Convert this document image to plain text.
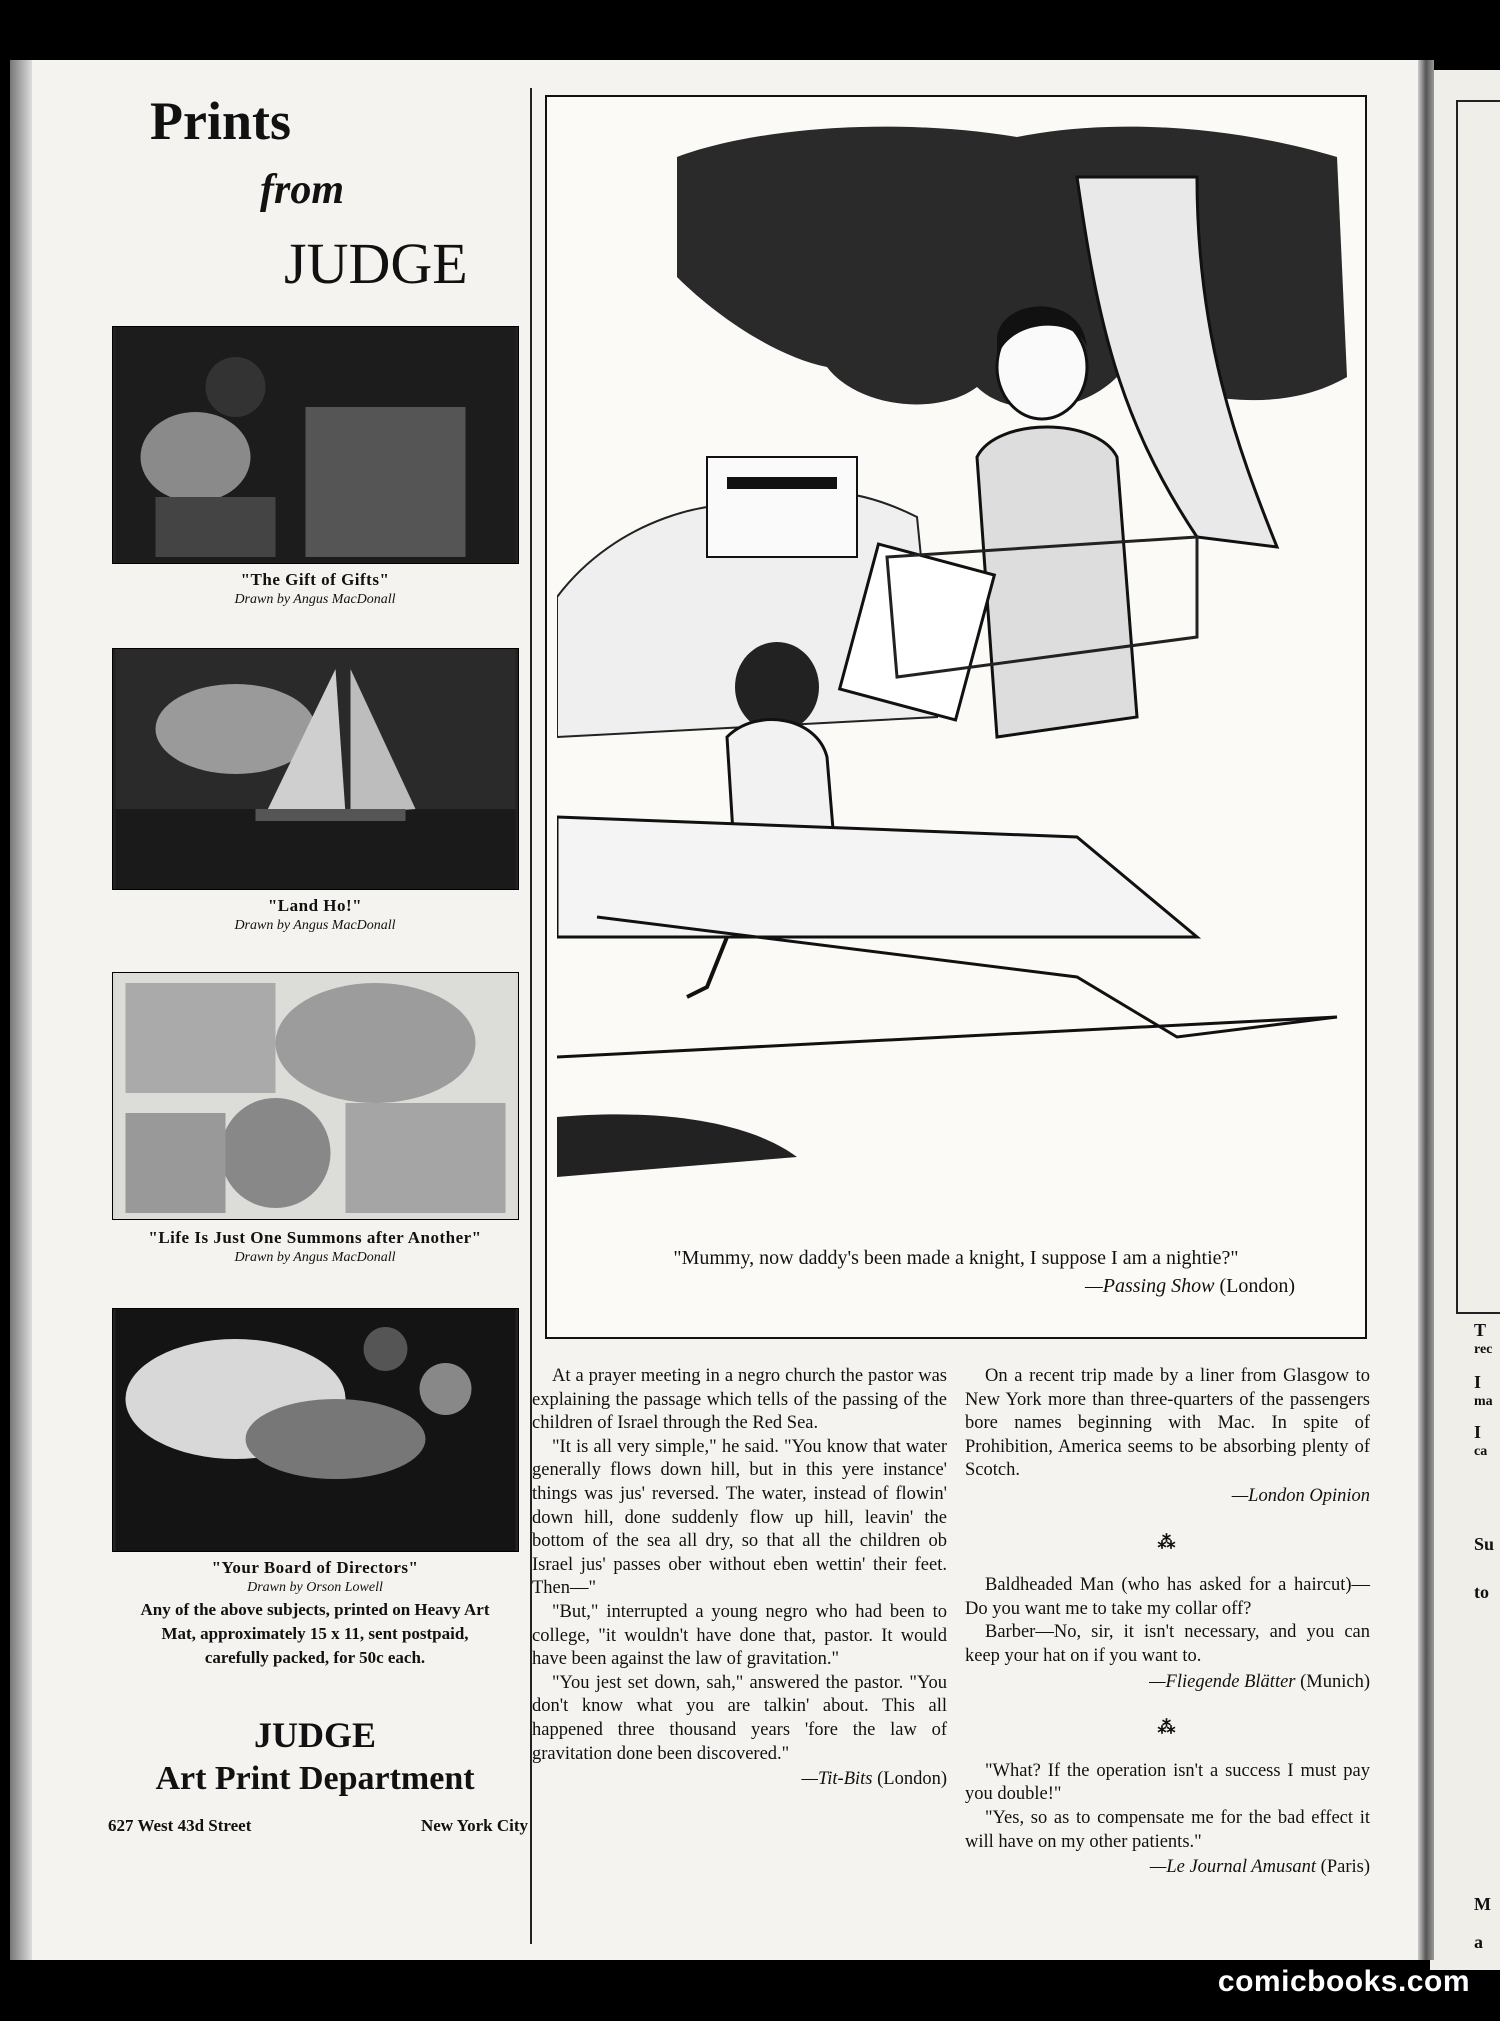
T
rec
I
ma
I
ca
Su
to
M
a
Prints
from
JUDGE
"The Gift of Gifts"
Drawn by Angus MacDonall
"Land Ho!"
Drawn by Angus MacDonall
"Life Is Just One Summons after Another"
Drawn by Angus MacDonall
"Your Board of Directors"
Drawn by Orson Lowell
Any of the above subjects, printed on Heavy Art Mat, approximately 15 x 11, sent postpaid, carefully packed, for 50c each.
JUDGE
Art Print Department
627 West 43d Street	New York City
"Mummy, now daddy's been made a knight, I suppose I am a nightie?"
—Passing Show (London)

At a prayer meeting in a negro church the pastor was explaining the passage which tells of the passing of the children of Israel through the Red Sea.

"It is all very simple," he said. "You know that water generally flows down hill, but in this yere instance' things was jus' reversed. The water, instead of flowin' down hill, done suddenly flow up hill, leavin' the bottom of the sea all dry, so that all the children ob Israel jus' passes ober without eben wettin' their feet. Then—"

"But," interrupted a young negro who had been to college, "it wouldn't have done that, pastor. It would have been against the law of gravitation."

"You jest set down, sah," answered the pastor. "You don't know what you are talkin' about. This all happened three thousand years 'fore the law of gravitation done been discovered."

—Tit-Bits (London)

On a recent trip made by a liner from Glasgow to New York more than three-quarters of the passengers bore names beginning with Mac. In spite of Prohibition, America seems to be absorbing plenty of Scotch.

—London Opinion
⁂

Baldheaded Man (who has asked for a haircut)—Do you want me to take my collar off?

Barber—No, sir, it isn't necessary, and you can keep your hat on if you want to.

—Fliegende Blätter (Munich)
⁂

"What? If the operation isn't a success I must pay you double!"

"Yes, so as to compensate me for the bad effect it will have on my other patients."

—Le Journal Amusant (Paris)
comicbooks.com
